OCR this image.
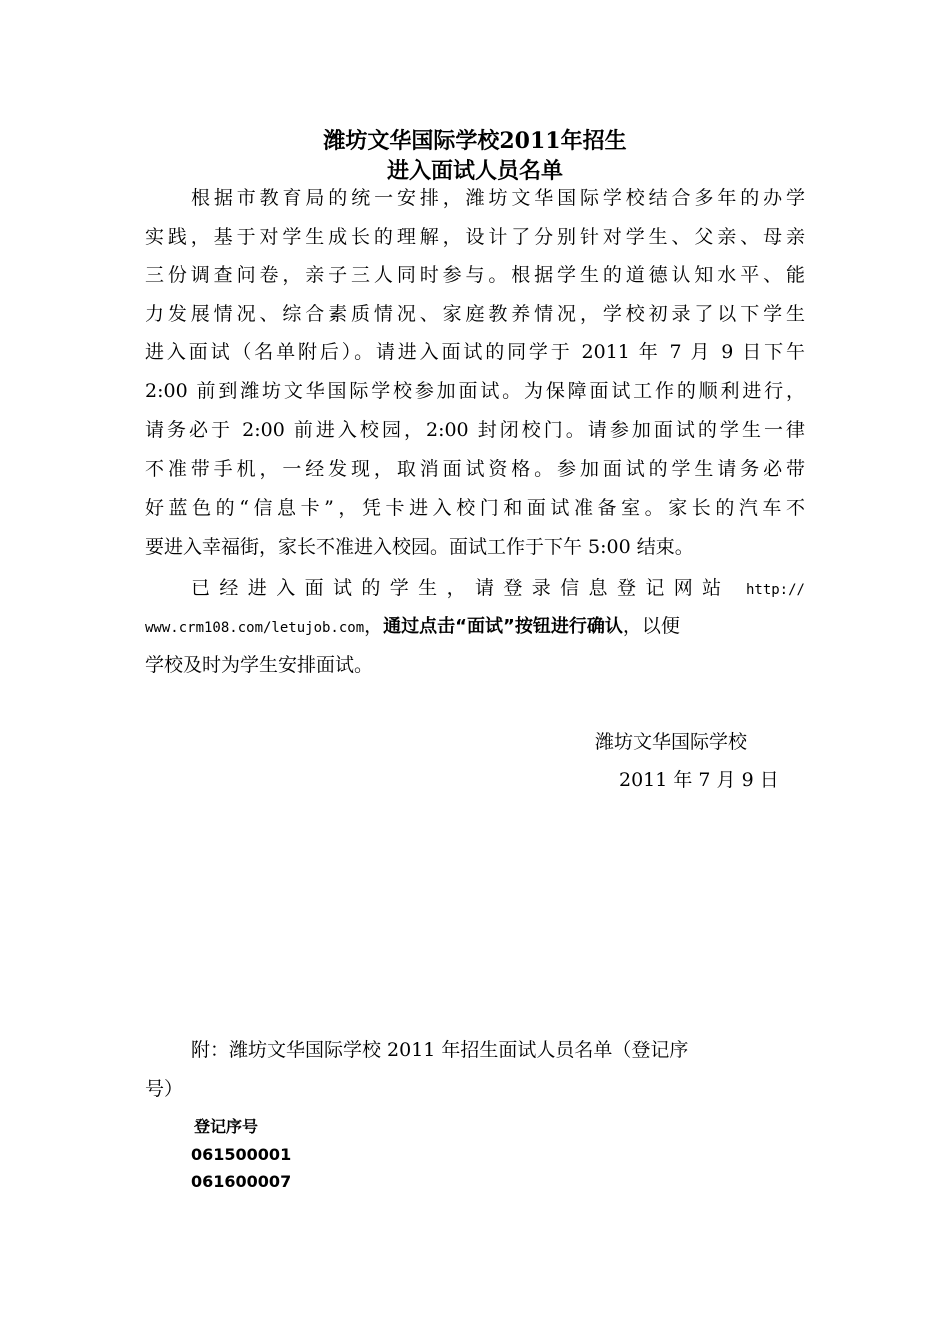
潍坊文华国际学校2011年招生
进入面试人员名单
根据市教育局的统一安排，潍坊文华国际学校结合多年的办学
实践，基于对学生成长的理解，设计了分别针对学生、父亲、母亲
三份调查问卷，亲子三人同时参与。根据学生的道德认知水平、能
力发展情况、综合素质情况、家庭教养情况，学校初录了以下学生
进入面试（名单附后）。请进入面试的同学于 2011 年 7 月 9 日下午
2:00 前到潍坊文华国际学校参加面试。为保障面试工作的顺利进行，
请务必于 2:00 前进入校园，2:00 封闭校门。请参加面试的学生一律
不准带手机，一经发现，取消面试资格。参加面试的学生请务必带
好蓝色的“信息卡”，凭卡进入校门和面试准备室。家长的汽车不
要进入幸福街，家长不准进入校园。面试工作于下午 5:00 结束。
已经进入面试的学生，请登录信息登记网站 http://
www.crm108.com/letujob.com，通过点击“面试”按钮进行确认，以便
学校及时为学生安排面试。
潍坊文华国际学校
2011 年 7 月 9 日
附：潍坊文华国际学校 2011 年招生面试人员名单（登记序
号）
登记序号
061500001
061600007
